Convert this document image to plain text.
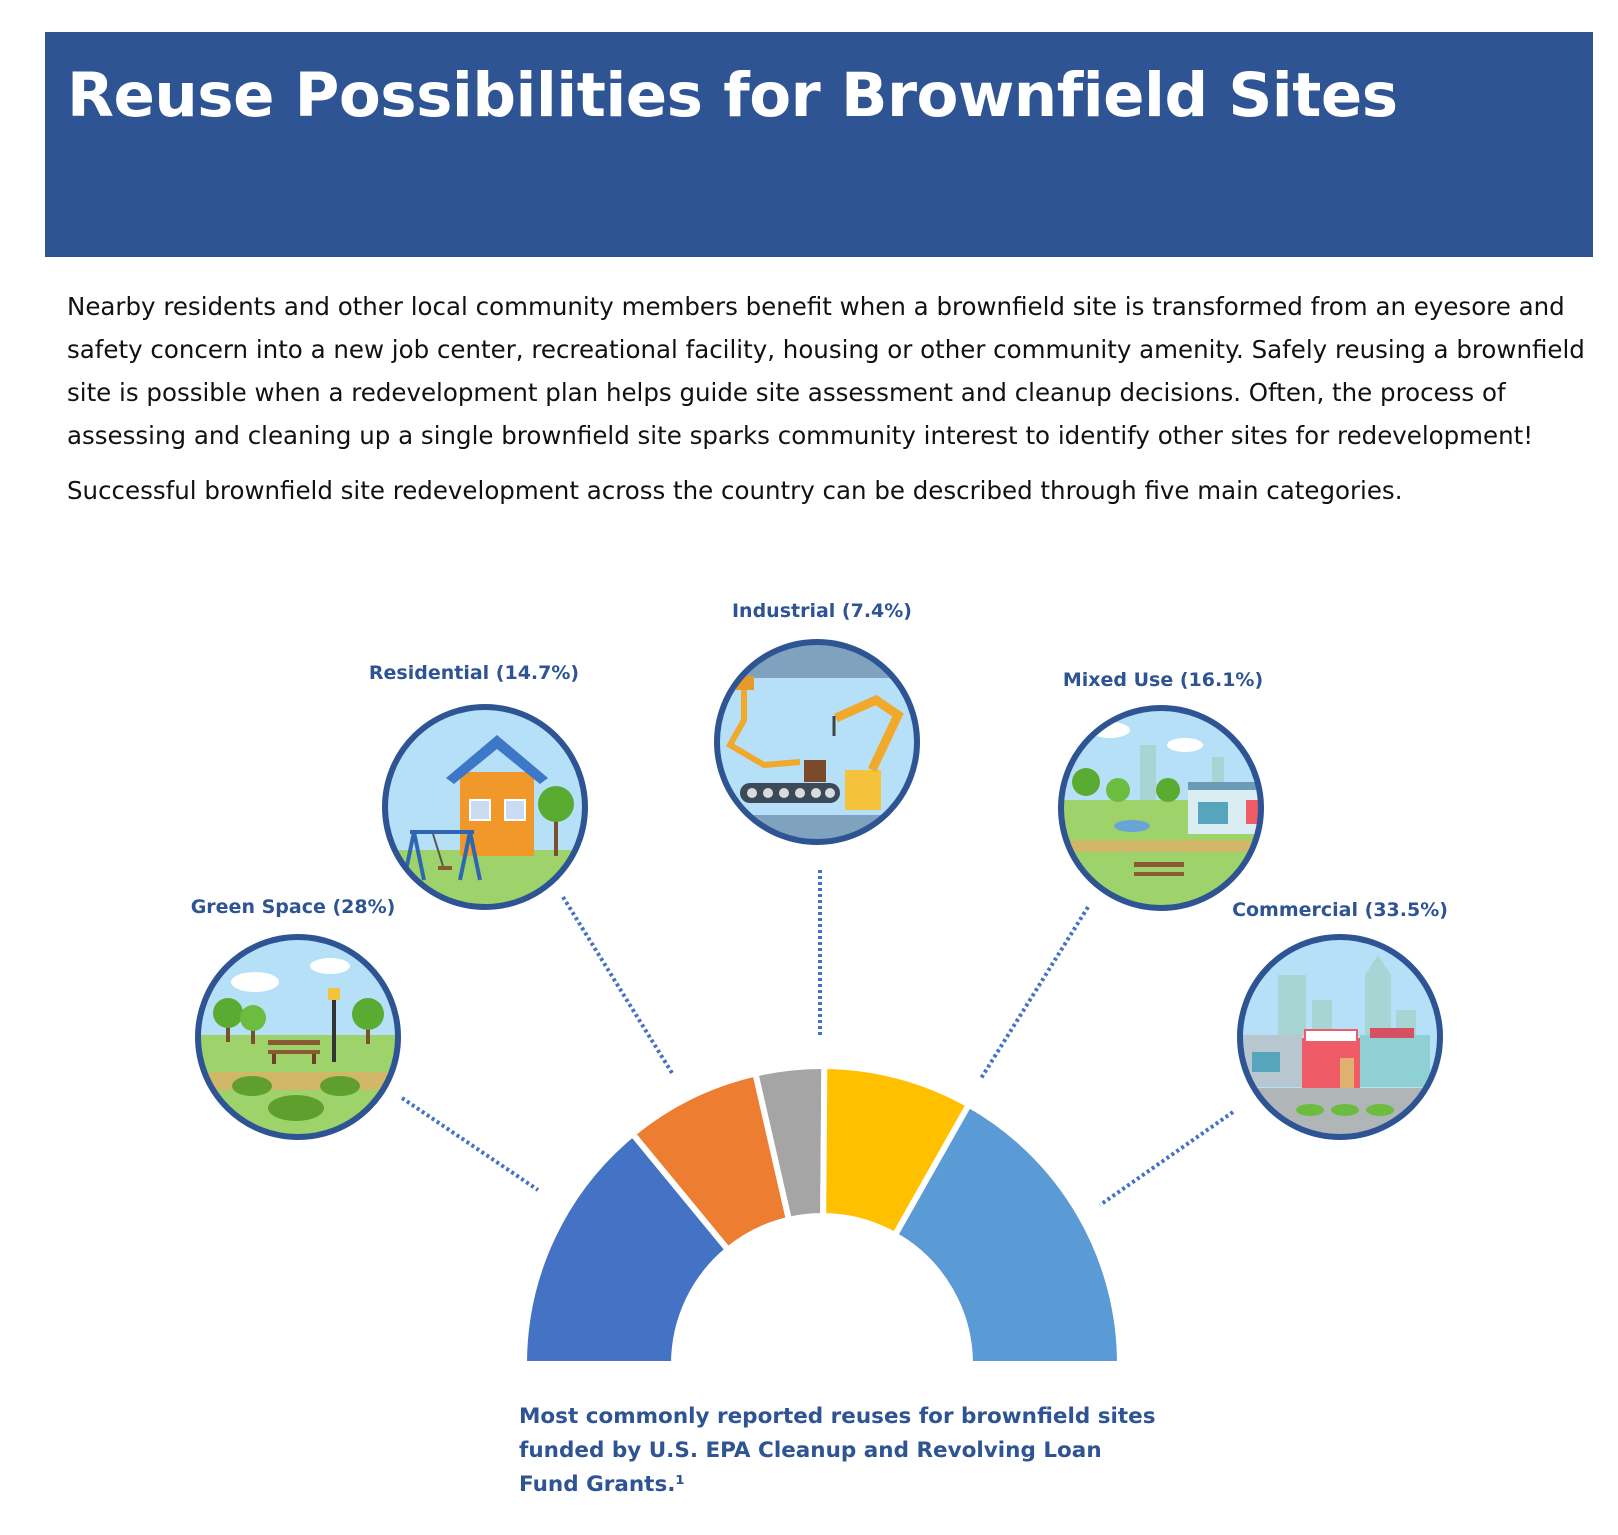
Reuse Possibilities for Brownfield Sites

Nearby residents and other local community members benefit when a brownfield site is transformed from an eyesore and safety concern into a new job center, recreational facility, housing or other community amenity. Safely reusing a brownfield site is possible when a redevelopment plan helps guide site assessment and cleanup decisions. Often, the process of assessing and cleaning up a single brownfield site sparks community interest to identify other sites for redevelopment!

Successful brownfield site redevelopment across the country can be described through five main categories.

Green Space (28%)
Residential (14.7%)
Industrial (7.4%)
Mixed Use (16.1%)
Commercial (33.5%)
Most commonly reported reuses for brownfield sites funded by U.S. EPA Cleanup and Revolving Loan Fund Grants.¹
